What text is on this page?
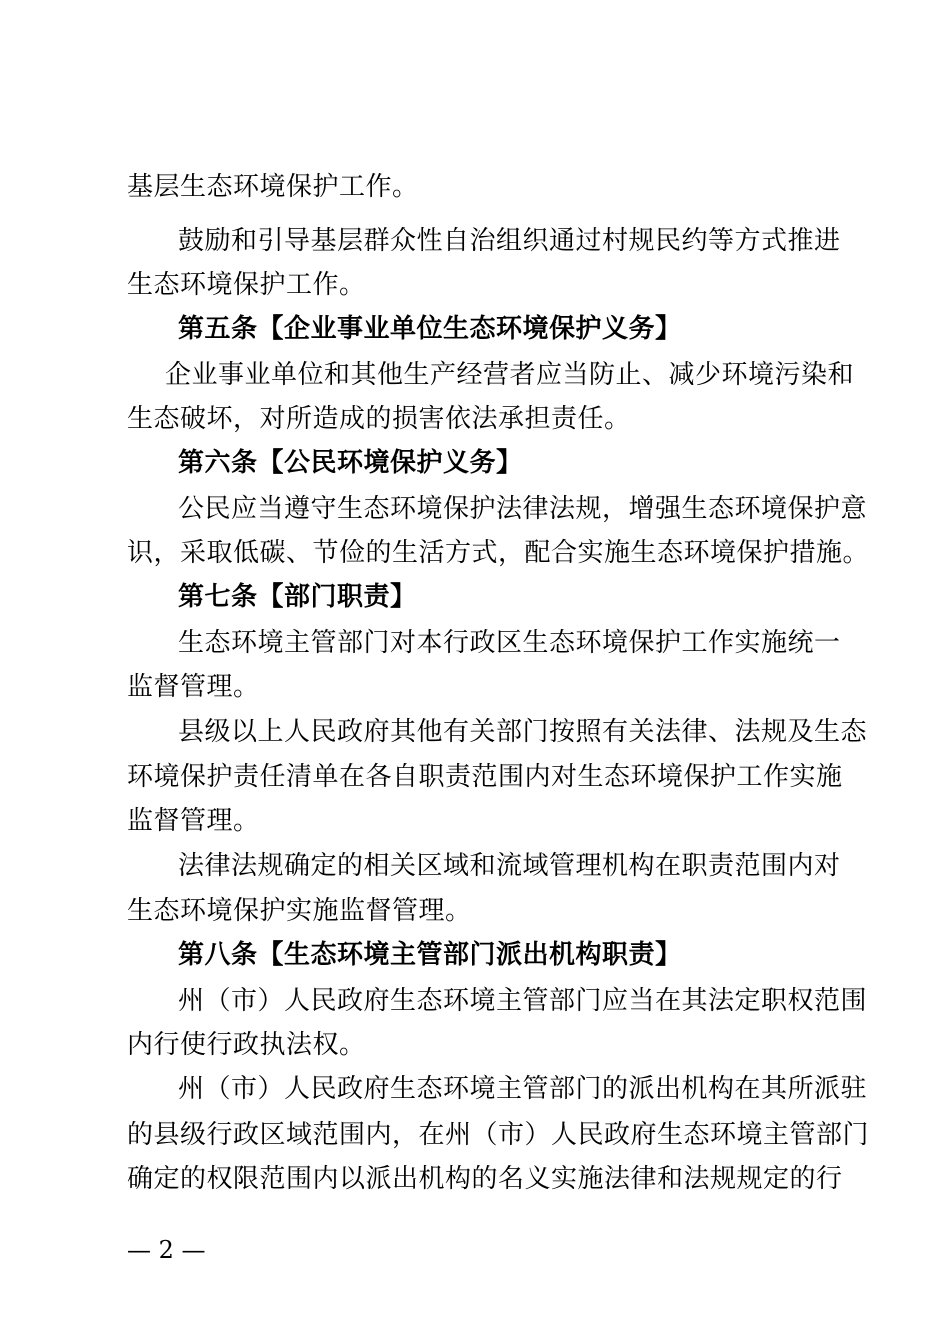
基层生态环境保护工作。
鼓励和引导基层群众性自治组织通过村规民约等方式推进
生态环境保护工作。
第五条【企业事业单位生态环境保护义务】
企业事业单位和其他生产经营者应当防止、减少环境污染和
生态破坏，对所造成的损害依法承担责任。
第六条【公民环境保护义务】
公民应当遵守生态环境保护法律法规，增强生态环境保护意
识，采取低碳、节俭的生活方式，配合实施生态环境保护措施。
第七条【部门职责】
生态环境主管部门对本行政区生态环境保护工作实施统一
监督管理。
县级以上人民政府其他有关部门按照有关法律、法规及生态
环境保护责任清单在各自职责范围内对生态环境保护工作实施
监督管理。
法律法规确定的相关区域和流域管理机构在职责范围内对
生态环境保护实施监督管理。
第八条【生态环境主管部门派出机构职责】
州（市）人民政府生态环境主管部门应当在其法定职权范围
内行使行政执法权。
州（市）人民政府生态环境主管部门的派出机构在其所派驻
的县级行政区域范围内，在州（市）人民政府生态环境主管部门
确定的权限范围内以派出机构的名义实施法律和法规规定的行
— 2 —
